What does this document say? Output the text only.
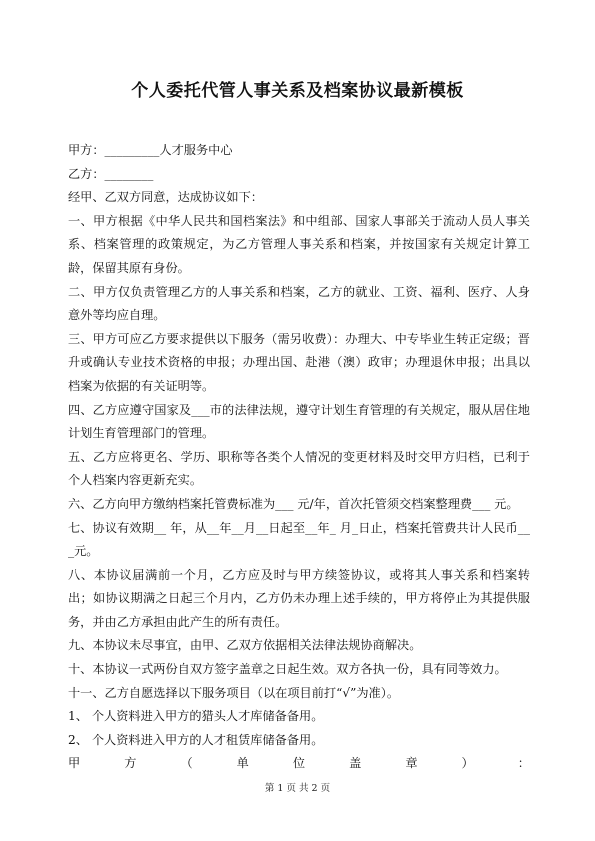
个人委托代管人事关系及档案协议最新模板

甲方：_________人才服务中心

乙方：________

经甲、乙双方同意，达成协议如下：

一、甲方根据《中华人民共和国档案法》和中组部、国家人事部关于流动人员人事关系、档案管理的政策规定，为乙方管理人事关系和档案，并按国家有关规定计算工龄，保留其原有身份。

二、甲方仅负责管理乙方的人事关系和档案，乙方的就业、工资、福利、医疗、人身意外等均应自理。

三、甲方可应乙方要求提供以下服务（需另收费）：办理大、中专毕业生转正定级；晋升或确认专业技术资格的申报；办理出国、赴港（澳）政审；办理退休申报；出具以档案为依据的有关证明等。

四、乙方应遵守国家及___市的法律法规，遵守计划生育管理的有关规定，服从居住地计划生育管理部门的管理。

五、乙方应将更名、学历、职称等各类个人情况的变更材料及时交甲方归档，已利于个人档案内容更新充实。

六、乙方向甲方缴纳档案托管费标准为___ 元/年，首次托管须交档案整理费___ 元。

七、协议有效期__ 年，从__年__月__日起至__年_ 月_日止，档案托管费共计人民币___元。

八、本协议届满前一个月，乙方应及时与甲方续签协议，或将其人事关系和档案转出；如协议期满之日起三个月内，乙方仍未办理上述手续的，甲方将停止为其提供服务，并由乙方承担由此产生的所有责任。

九、本协议未尽事宜，由甲、乙双方依据相关法律法规协商解决。

十、本协议一式两份自双方签字盖章之日起生效。双方各执一份，具有同等效力。

十一、乙方自愿选择以下服务项目（以在项目前打“√”为准）。

1、 个人资料进入甲方的猎头人才库储备备用。

2、 个人资料进入甲方的人才租赁库储备备用。

甲	方	（	单	位	盖	章	）	：
第 1 页 共 2 页
